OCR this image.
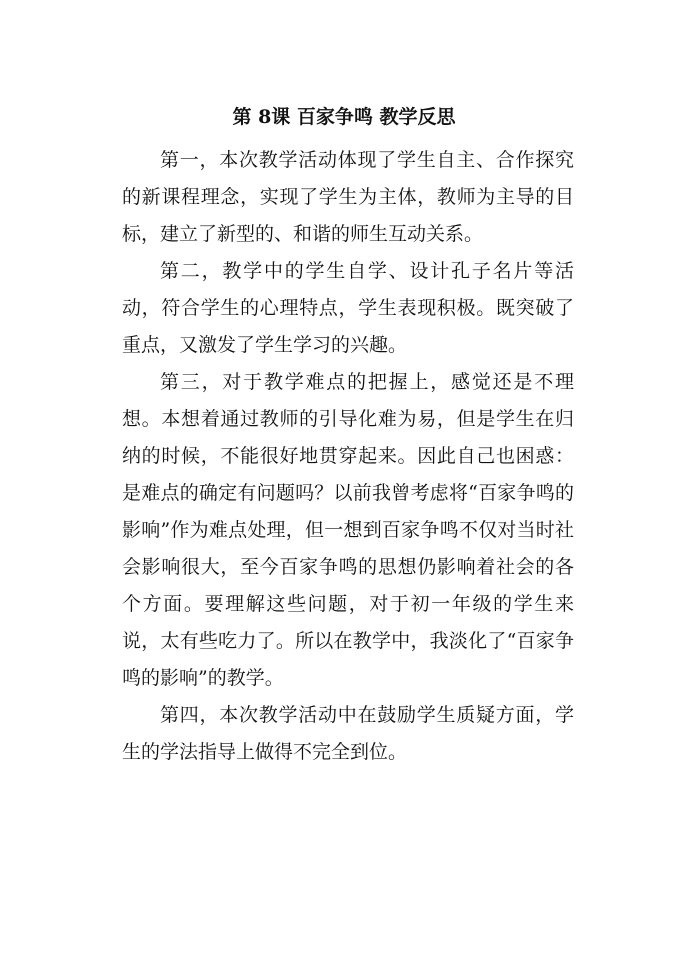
第 8课 百家争鸣 教学反思

第一，本次教学活动体现了学生自主、合作探究的新课程理念，实现了学生为主体，教师为主导的目标，建立了新型的、和谐的师生互动关系。

第二，教学中的学生自学、设计孔子名片等活动，符合学生的心理特点，学生表现积极。既突破了重点，又激发了学生学习的兴趣。

第三，对于教学难点的把握上，感觉还是不理想。本想着通过教师的引导化难为易，但是学生在归纳的时候，不能很好地贯穿起来。因此自己也困惑：是难点的确定有问题吗？以前我曾考虑将“百家争鸣的影响”作为难点处理，但一想到百家争鸣不仅对当时社会影响很大，至今百家争鸣的思想仍影响着社会的各个方面。要理解这些问题，对于初一年级的学生来说，太有些吃力了。所以在教学中，我淡化了“百家争鸣的影响”的教学。

第四，本次教学活动中在鼓励学生质疑方面，学生的学法指导上做得不完全到位。
